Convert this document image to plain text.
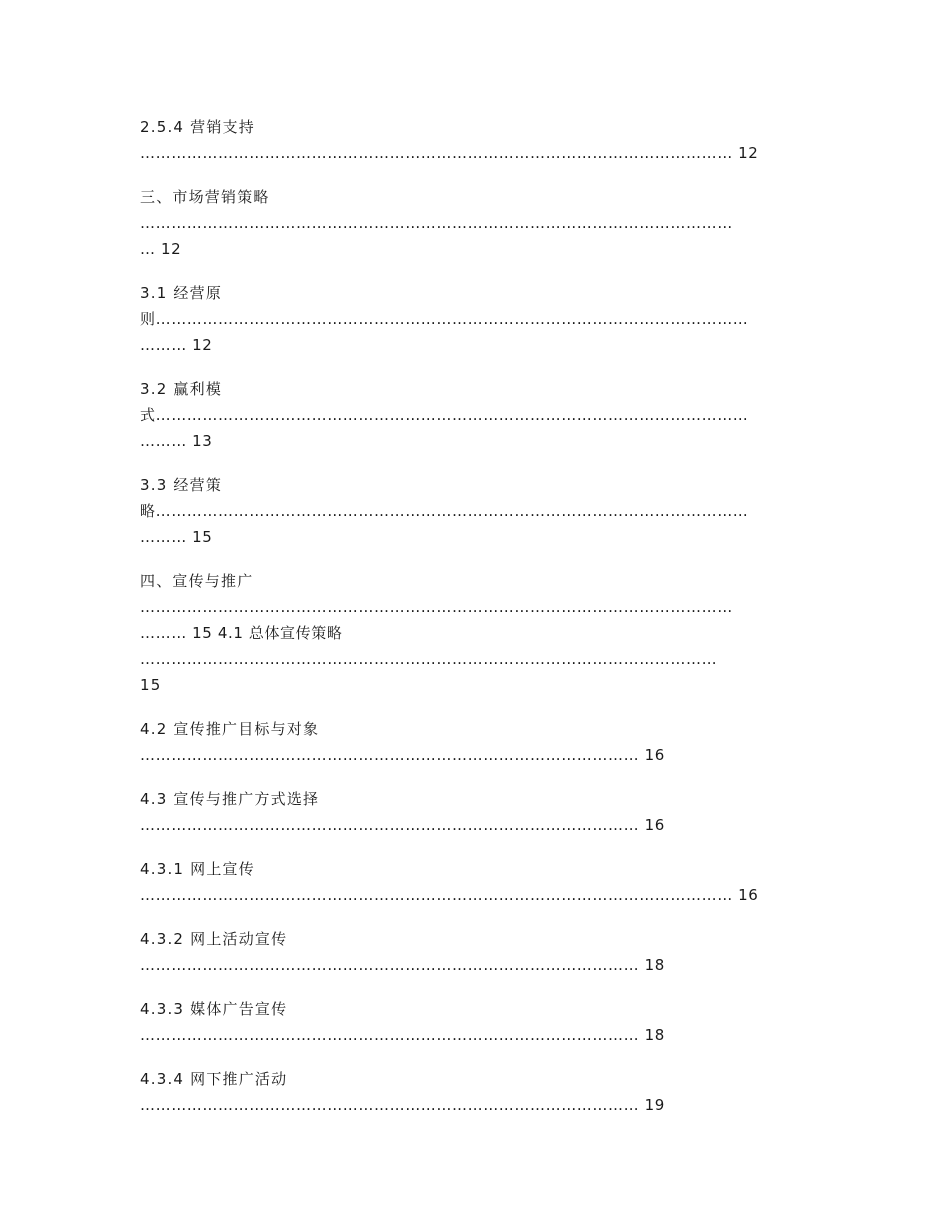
2.5.4 营销支持
…………………………………………………………………………………………………… 12
三、市场营销策略
……………………………………………………………………………………………………
… 12
3.1 经营原
则……………………………………………………………………………………………………
……… 12
3.2 赢利模
式……………………………………………………………………………………………………
……… 13
3.3 经营策
略……………………………………………………………………………………………………
……… 15
四、宣传与推广
……………………………………………………………………………………………………
……… 15 4.1 总体宣传策略
…………………………………………………………………………………………………
15
4.2 宣传推广目标与对象
…………………………………………………………………………………… 16
4.3 宣传与推广方式选择
…………………………………………………………………………………… 16
4.3.1 网上宣传
…………………………………………………………………………………………………… 16
4.3.2 网上活动宣传
…………………………………………………………………………………… 18
4.3.3 媒体广告宣传
…………………………………………………………………………………… 18
4.3.4 网下推广活动
…………………………………………………………………………………… 19
